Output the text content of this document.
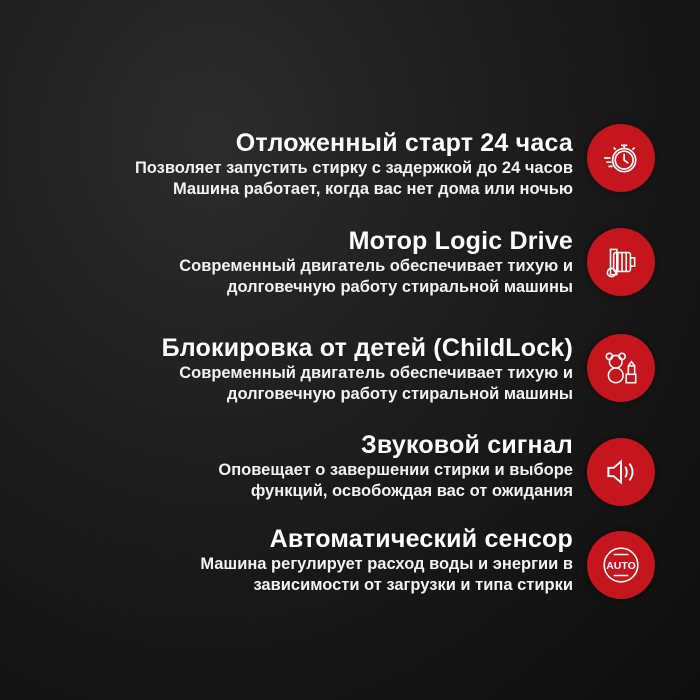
Отложенный старт 24 часа
Позволяет запустить стирку с задержкой до 24 часов
Машина работает, когда вас нет дома или ночью
Мотор Logic Drive
Современный двигатель обеспечивает тихую и
долговечную работу стиральной машины
Блокировка от детей (ChildLock)
Современный двигатель обеспечивает тихую и
долговечную работу стиральной машины
Звуковой сигнал
Оповещает о завершении стирки и выборе
функций, освобождая вас от ожидания
Автоматический сенсор
Машина регулирует расход воды и энергии в
зависимости от загрузки и типа стирки
AUTO
